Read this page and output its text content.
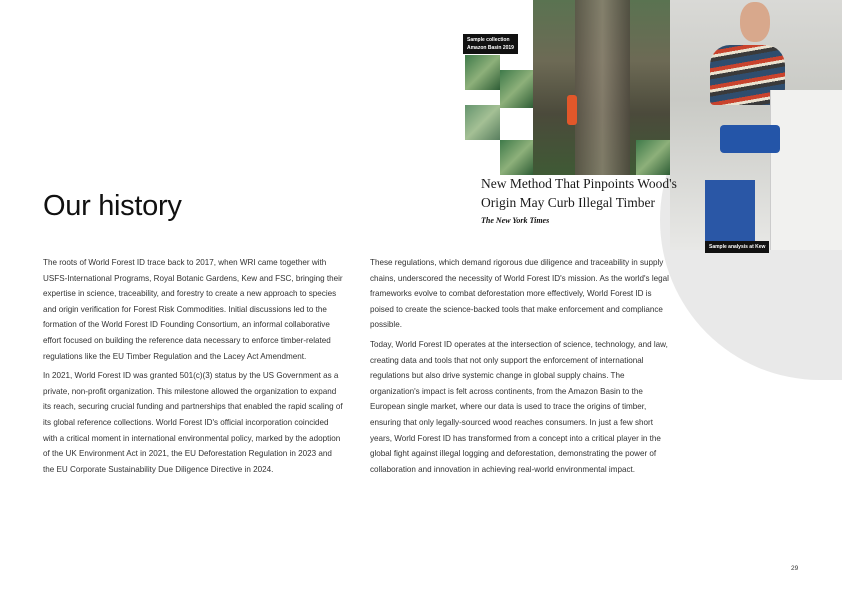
Sample collection
Amazon Basin 2019
Sample analysis at Kew
New Method That Pinpoints Wood's
Origin May Curb Illegal Timber
The New York Times
Our history

The roots of World Forest ID trace back to 2017, when WRI came together with USFS-International Programs, Royal Botanic Gardens, Kew and FSC, bringing their expertise in science, traceability, and forestry to create a new approach to species and origin verification for Forest Risk Commodities. Initial discussions led to the formation of the World Forest ID Founding Consortium, an informal collaborative effort focused on building the reference data necessary to enforce timber-related regulations like the EU Timber Regulation and the Lacey Act Amendment.

In 2021, World Forest ID was granted 501(c)(3) status by the US Government as a private, non-profit organization. This milestone allowed the organization to expand its reach, securing crucial funding and partnerships that enabled the rapid scaling of its global reference collections. World Forest ID's official incorporation coincided with a critical moment in international environmental policy, marked by the adoption of the UK Environment Act in 2021, the EU Deforestation Regulation in 2023 and the EU Corporate Sustainability Due Diligence Directive in 2024.

These regulations, which demand rigorous due diligence and traceability in supply chains, underscored the necessity of World Forest ID's mission. As the world's legal frameworks evolve to combat deforestation more effectively, World Forest ID is poised to create the science-backed tools that make enforcement and compliance possible.

Today, World Forest ID operates at the intersection of science, technology, and law, creating data and tools that not only support the enforcement of international regulations but also drive systemic change in global supply chains. The organization's impact is felt across continents, from the Amazon Basin to the European single market, where our data is used to trace the origins of timber, ensuring that only legally-sourced wood reaches consumers. In just a few short years, World Forest ID has transformed from a concept into a critical player in the global fight against illegal logging and deforestation, demonstrating the power of collaboration and innovation in achieving real-world environmental impact.

29
